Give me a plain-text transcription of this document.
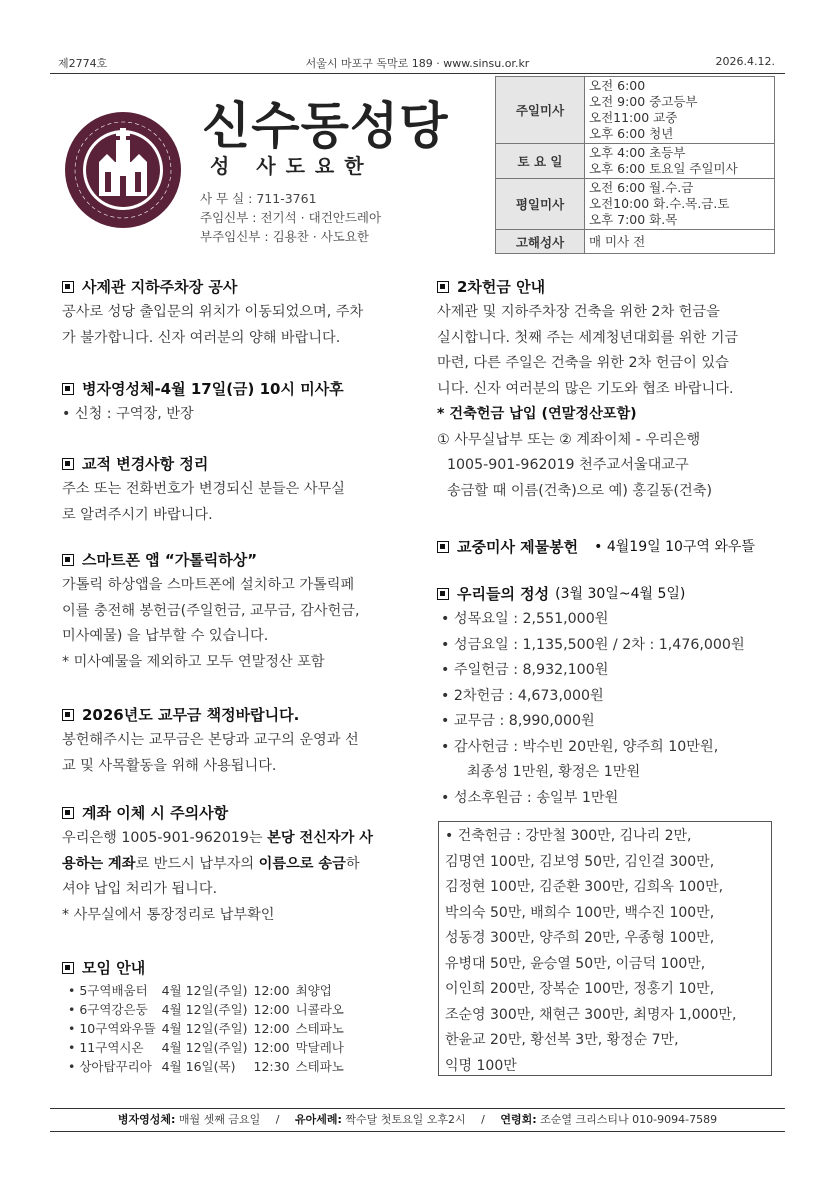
제2774호	서울시 마포구 독막로 189 · www.sinsu.or.kr	2026.4.12.
신수동성당
성 사도요한
사 무 실 : 711-3761
주임신부 : 전기석 · 대건안드레아
부주임신부 : 김용찬 · 사도요한
주일미사	오전 6:00
오전 9:00 중고등부
오전11:00 교중
오후 6:00 청년

토 요 일	오후 4:00 초등부
오후 6:00 토요일 주일미사

평일미사	오전 6:00 월.수.금
오전10:00 화.수.목.금.토
오후 7:00 화.목

고해성사	매 미사 전
사제관 지하주차장 공사
공사로 성당 출입문의 위치가 이동되었으며, 주차
가 불가합니다. 신자 여러분의 양해 바랍니다.
병자영성체-4월 17일(금) 10시 미사후
• 신청 : 구역장, 반장
교적 변경사항 정리
주소 또는 전화번호가 변경되신 분들은 사무실
로 알려주시기 바랍니다.
스마트폰 앱 “가톨릭하상”
가톨릭 하상앱을 스마트폰에 설치하고 가톨릭페
이를 충전해 봉헌금(주일헌금, 교무금, 감사헌금,
미사예물) 을 납부할 수 있습니다.
* 미사예물을 제외하고 모두 연말정산 포함
2026년도 교무금 책정바랍니다.
봉헌해주시는 교무금은 본당과 교구의 운영과 선
교 및 사목활동을 위해 사용됩니다.
계좌 이체 시 주의사항
우리은행 1005-901-962019는 본당 전신자가 사
용하는 계좌로 반드시 납부자의 이름으로 송금하
셔야 납입 처리가 됩니다.
* 사무실에서 통장정리로 납부확인
모임 안내
• 5구역배움터	4월 12일(주일)	12:00	최양업
• 6구역강은둥	4월 12일(주일)	12:00	니콜라오
• 10구역와우뜰	4월 12일(주일)	12:00	스테파노
• 11구역시온	4월 12일(주일)	12:00	막달레나
• 상아탑꾸리아	4월 16일(목)	12:30	스테파노
2차헌금 안내
사제관 및 지하주차장 건축을 위한 2차 헌금을
실시합니다. 첫째 주는 세계청년대회를 위한 기금
마련, 다른 주일은 건축을 위한 2차 헌금이 있습
니다. 신자 여러분의 많은 기도와 협조 바랍니다.
* 건축헌금 납입 (연말정산포함)
① 사무실납부 또는 ② 계좌이체 - 우리은행
1005-901-962019 천주교서울대교구
송금할 때 이름(건축)으로 예) 홍길동(건축)
교중미사 제물봉헌	• 4월19일 10구역 와우뜰
우리들의 정성 (3월 30일~4월 5일)
• 성목요일 : 2,551,000원
• 성금요일 : 1,135,500원 / 2차 : 1,476,000원
• 주일헌금 : 8,932,100원
• 2차헌금 : 4,673,000원
• 교무금 : 8,990,000원
• 감사헌금 : 박수빈 20만원, 양주희 10만원,
최종성 1만원, 황정은 1만원
• 성소후원금 : 송일부 1만원
• 건축헌금 : 강만철 300만, 김나리 2만,
김명연 100만, 김보영 50만, 김인걸 300만,
김정현 100만, 김준환 300만, 김희옥 100만,
박의숙 50만, 배희수 100만, 백수진 100만,
성동경 300만, 양주희 20만, 우종형 100만,
유병대 50만, 윤승열 50만, 이금덕 100만,
이인희 200만, 장복순 100만, 정홍기 10만,
조순영 300만, 채현근 300만, 최명자 1,000만,
한윤교 20만, 황선복 3만, 황정순 7만,
익명 100만
병자영성체: 매월 셋째 금요일 / 유아세례: 짝수달 첫토요일 오후2시 / 연령회: 조순열 크리스티나 010-9094-7589
